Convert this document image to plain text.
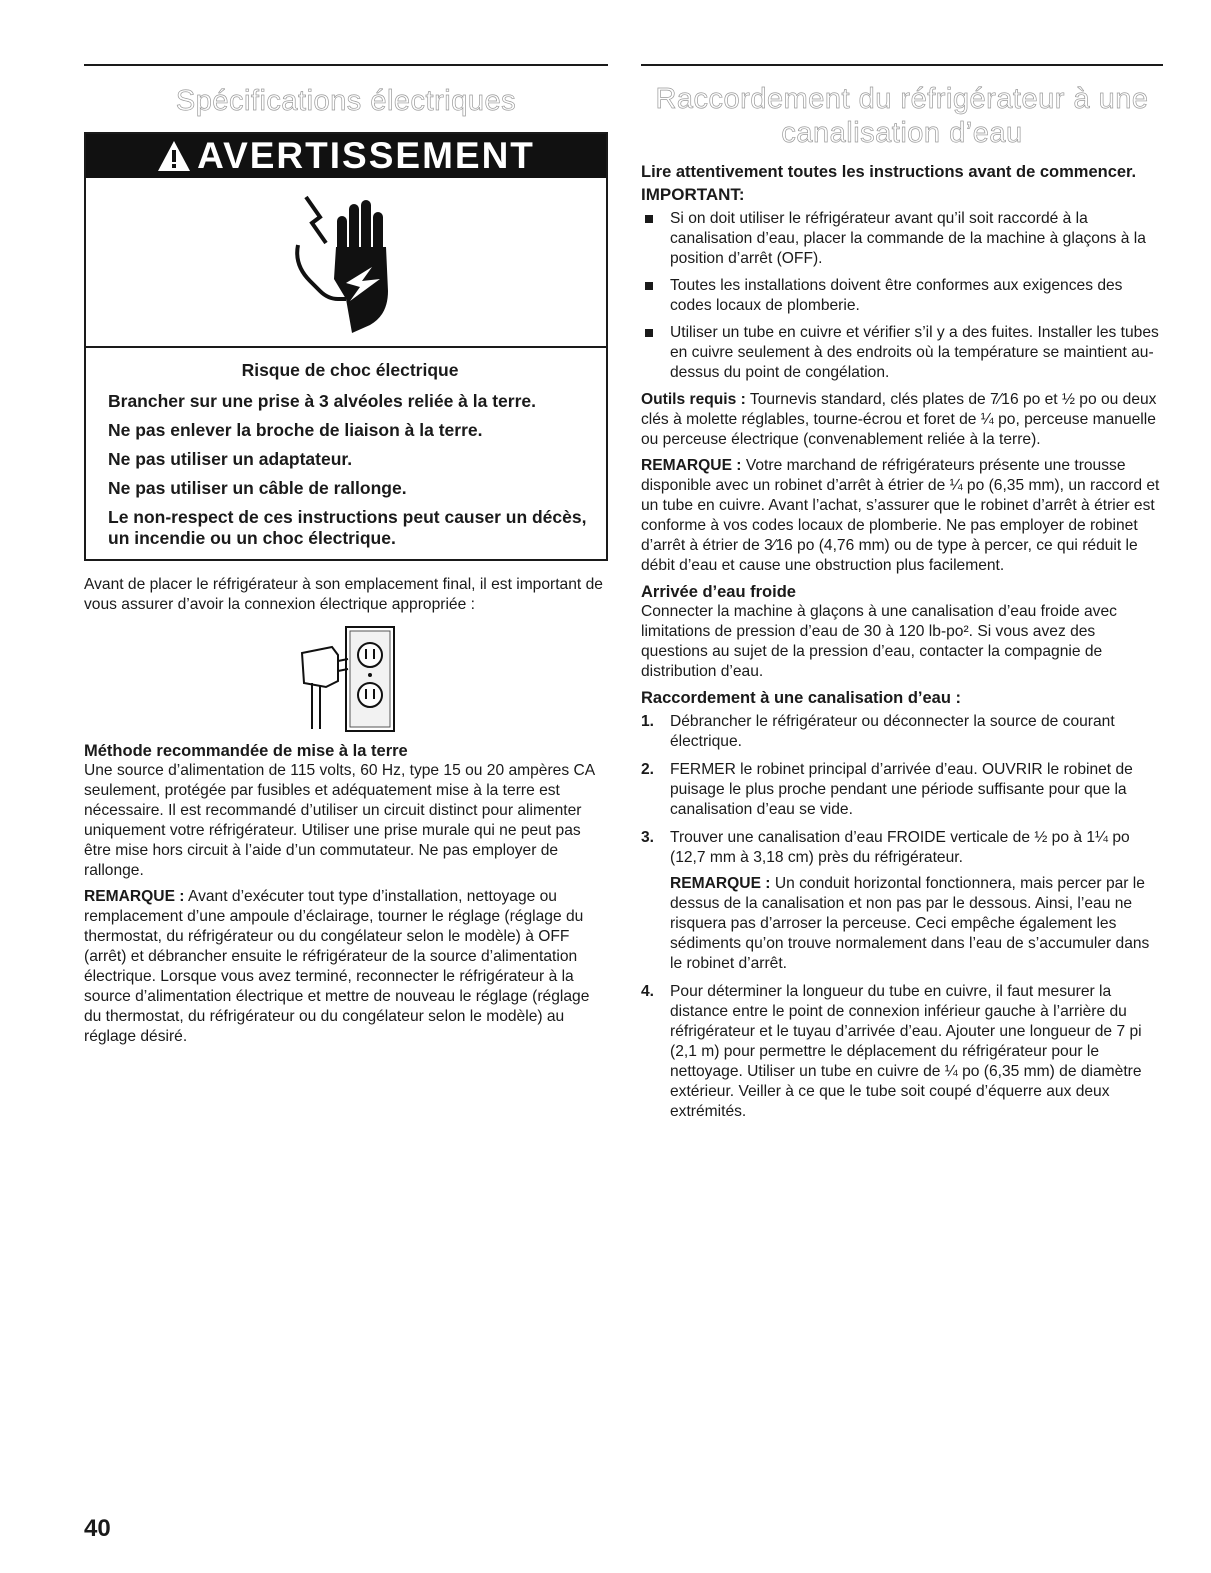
Spécifications électriques
AVERTISSEMENT
Risque de choc électrique

Brancher sur une prise à 3 alvéoles reliée à la terre.

Ne pas enlever la broche de liaison à la terre.

Ne pas utiliser un adaptateur.

Ne pas utiliser un câble de rallonge.

Le non-respect de ces instructions peut causer un décès, un incendie ou un choc électrique.

Avant de placer le réfrigérateur à son emplacement final, il est important de vous assurer d’avoir la connexion électrique appropriée :

Méthode recommandée de mise à la terre

Une source d’alimentation de 115 volts, 60 Hz, type 15 ou 20 ampères CA seulement, protégée par fusibles et adéquatement mise à la terre est nécessaire. Il est recommandé d’utiliser un circuit distinct pour alimenter uniquement votre réfrigérateur. Utiliser une prise murale qui ne peut pas être mise hors circuit à l’aide d’un commutateur. Ne pas employer de rallonge.

REMARQUE : Avant d’exécuter tout type d’installation, nettoyage ou remplacement d’une ampoule d’éclairage, tourner le réglage (réglage du thermostat, du réfrigérateur ou du congélateur selon le modèle) à OFF (arrêt) et débrancher ensuite le réfrigérateur de la source d’alimentation électrique. Lorsque vous avez terminé, reconnecter le réfrigérateur à la source d’alimentation électrique et mettre de nouveau le réglage (réglage du thermostat, du réfrigérateur ou du congélateur selon le modèle) au réglage désiré.

Raccordement du réfrigérateur à une
canalisation d’eau

Lire attentivement toutes les instructions avant de commencer.

IMPORTANT:
Si on doit utiliser le réfrigérateur avant qu’il soit raccordé à la canalisation d’eau, placer la commande de la machine à glaçons à la position d’arrêt (OFF).
Toutes les installations doivent être conformes aux exigences des codes locaux de plomberie.
Utiliser un tube en cuivre et vérifier s’il y a des fuites. Installer les tubes en cuivre seulement à des endroits où la température se maintient au-dessus du point de congélation.

Outils requis : Tournevis standard, clés plates de 7⁄16 po et ½ po ou deux clés à molette réglables, tourne-écrou et foret de ¼ po, perceuse manuelle ou perceuse électrique (convenablement reliée à la terre).

REMARQUE : Votre marchand de réfrigérateurs présente une trousse disponible avec un robinet d’arrêt à étrier de ¼ po (6,35 mm), un raccord et un tube en cuivre. Avant l’achat, s’assurer que le robinet d’arrêt à étrier est conforme à vos codes locaux de plomberie. Ne pas employer de robinet d’arrêt à étrier de 3⁄16 po (4,76 mm) ou de type à percer, ce qui réduit le débit d’eau et cause une obstruction plus facilement.

Arrivée d’eau froide

Connecter la machine à glaçons à une canalisation d’eau froide avec limitations de pression d’eau de 30 à 120 lb-po². Si vous avez des questions au sujet de la pression d’eau, contacter la compagnie de distribution d’eau.

Raccordement à une canalisation d’eau :
1. Débrancher le réfrigérateur ou déconnecter la source de courant électrique.
2. FERMER le robinet principal d’arrivée d’eau. OUVRIR le robinet de puisage le plus proche pendant une période suffisante pour que la canalisation d’eau se vide.
3. Trouver une canalisation d’eau FROIDE verticale de ½ po à 1¼ po (12,7 mm à 3,18 cm) près du réfrigérateur.
REMARQUE : Un conduit horizontal fonctionnera, mais percer par le dessus de la canalisation et non pas par le dessous. Ainsi, l’eau ne risquera pas d’arroser la perceuse. Ceci empêche également les sédiments qu’on trouve normalement dans l’eau de s’accumuler dans le robinet d’arrêt.
4. Pour déterminer la longueur du tube en cuivre, il faut mesurer la distance entre le point de connexion inférieur gauche à l’arrière du réfrigérateur et le tuyau d’arrivée d’eau. Ajouter une longueur de 7 pi (2,1 m) pour permettre le déplacement du réfrigérateur pour le nettoyage. Utiliser un tube en cuivre de ¼ po (6,35 mm) de diamètre extérieur. Veiller à ce que le tube soit coupé d’équerre aux deux extrémités.
40
